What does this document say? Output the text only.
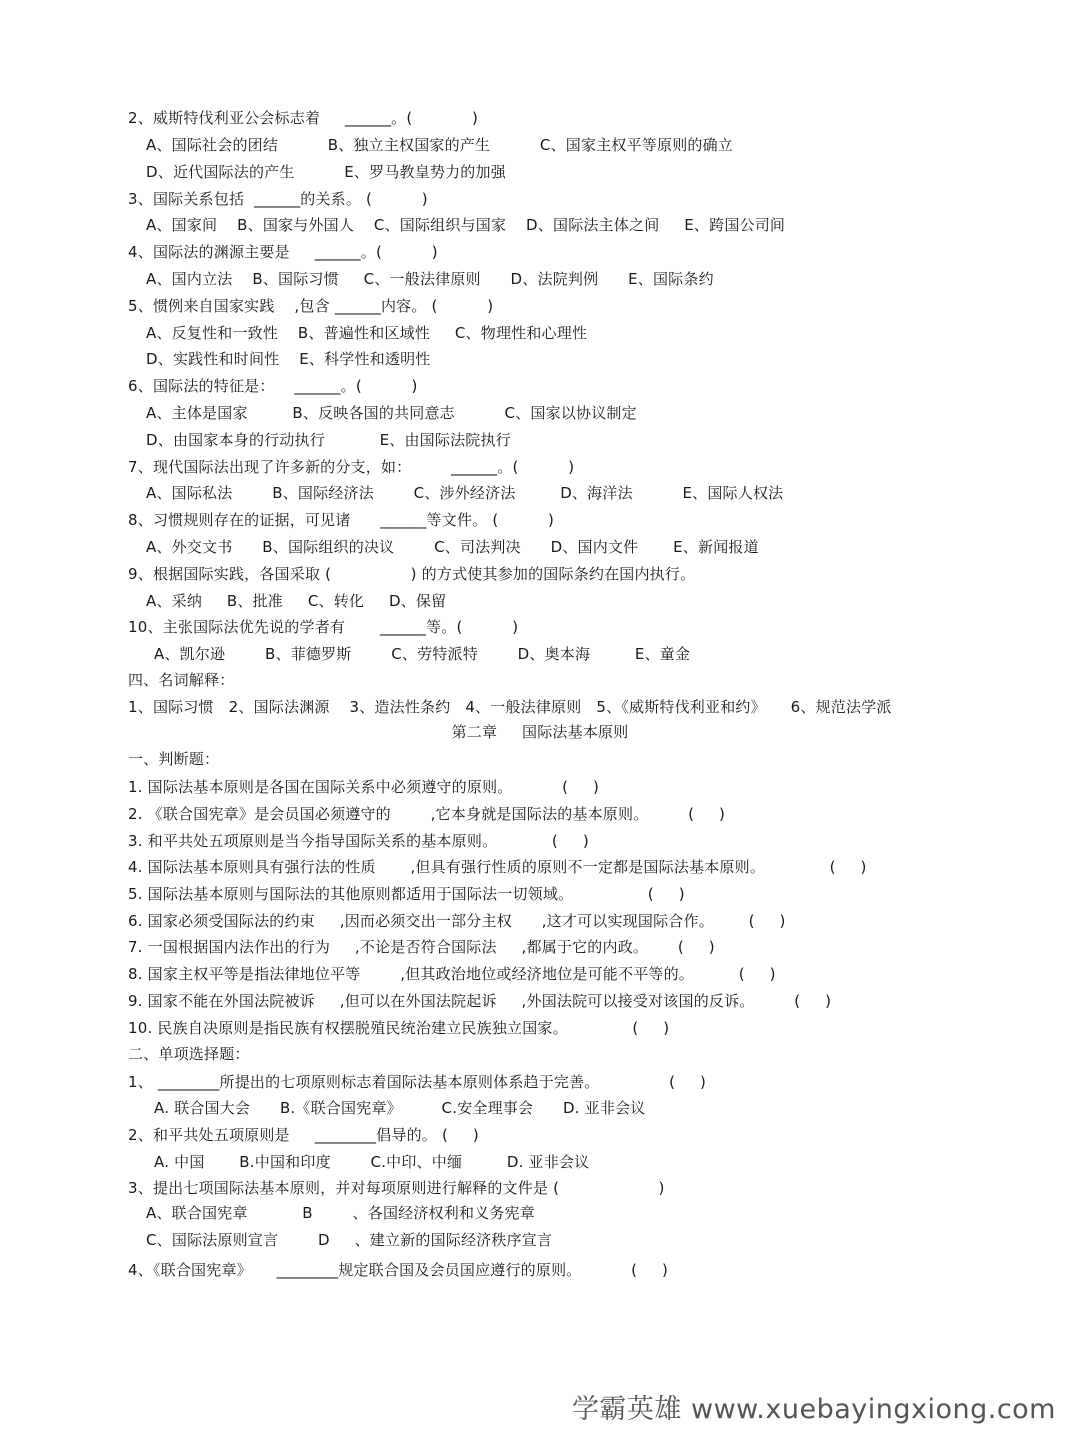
2、威斯特伐利亚公会标志着     ______。(            )
A、国际社会的团结          B、独立主权国家的产生          C、国家主权平等原则的确立
D、近代国际法的产生          E、罗马教皇势力的加强
3、国际关系包括  ______的关系。 (          )
A、国家间    B、国家与外国人    C、国际组织与国家    D、国际法主体之间     E、跨国公司间
4、国际法的渊源主要是     ______。(          )
A、国内立法    B、国际习惯     C、一般法律原则      D、法院判例      E、国际条约
5、惯例来自国家实践    ,包含 ______内容。 (          )
A、反复性和一致性    B、普遍性和区域性     C、物理性和心理性
D、实践性和时间性    E、科学性和透明性
6、国际法的特征是：    ______。(          )
A、主体是国家         B、反映各国的共同意志          C、国家以协议制定
D、由国家本身的行动执行           E、由国际法院执行
7、现代国际法出现了许多新的分支，如：        ______。(          )
A、国际私法        B、国际经济法        C、涉外经济法         D、海洋法          E、国际人权法
8、习惯规则存在的证据，可见诸      ______等文件。 (          )
A、外交文书      B、国际组织的决议        C、司法判决      D、国内文件       E、新闻报道
9、根据国际实践，各国采取 (                ) 的方式使其参加的国际条约在国内执行。
A、采纳     B、批准     C、转化     D、保留
10、主张国际法优先说的学者有       ______等。(          )
A、凯尔逊        B、菲德罗斯        C、劳特派特        D、奥本海         E、童金
四、名词解释：
1、国际习惯   2、国际法渊源    3、造法性条约   4、一般法律原则   5、《威斯特伐利亚和约》     6、规范法学派
第二章     国际法基本原则
一、判断题：
1. 国际法基本原则是各国在国际关系中必须遵守的原则。          (     )
2. 《联合国宪章》是会员国必须遵守的        ,它本身就是国际法的基本原则。        (     )
3. 和平共处五项原则是当今指导国际关系的基本原则。           (     )
4. 国际法基本原则具有强行法的性质       ,但具有强行性质的原则不一定都是国际法基本原则。             (     )
5. 国际法基本原则与国际法的其他原则都适用于国际法一切领域。               (     )
6. 国家必须受国际法的约束     ,因而必须交出一部分主权      ,这才可以实现国际合作。       (     )
7. 一国根据国内法作出的行为     ,不论是否符合国际法     ,都属于它的内政。      (     )
8. 国家主权平等是指法律地位平等        ,但其政治地位或经济地位是可能不平等的。         (     )
9. 国家不能在外国法院被诉     ,但可以在外国法院起诉     ,外国法院可以接受对该国的反诉。        (     )
10. 民族自决原则是指民族有权摆脱殖民统治建立民族独立国家。             (     )
二、单项选择题：
1、 ________所提出的七项原则标志着国际法基本原则体系趋于完善。              (     )
A. 联合国大会      B.《联合国宪章》        C.安全理事会      D. 亚非会议
2、和平共处五项原则是     ________倡导的。 (     )
A. 中国       B.中国和印度        C.中印、中缅         D. 亚非会议
3、提出七项国际法基本原则，并对每项原则进行解释的文件是 (                    )
A、联合国宪章           B        、各国经济权利和义务宪章
C、国际法原则宣言        D     、建立新的国际经济秩序宣言
4、《联合国宪章》     ________规定联合国及会员国应遵行的原则。          (     )
学霸英雄 www.xuebayingxiong.com
